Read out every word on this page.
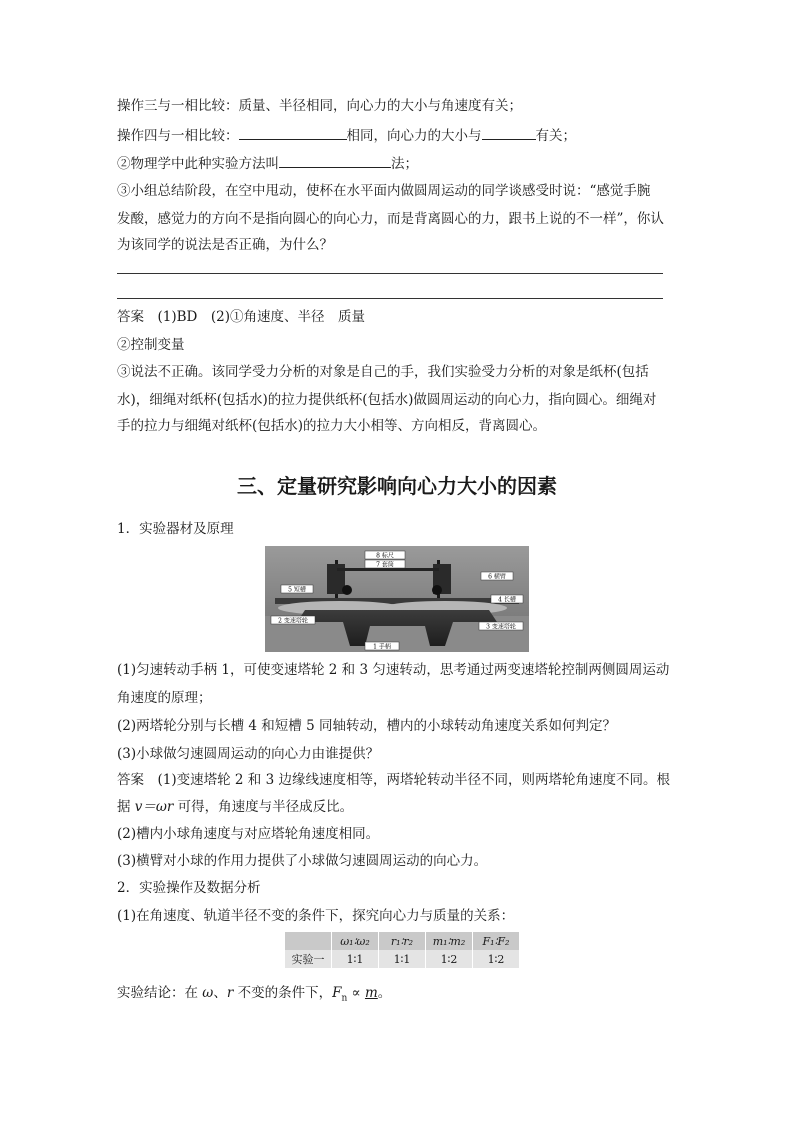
操作三与一相比较：质量、半径相同，向心力的大小与角速度有关；
操作四与一相比较：	相同，向心力的大小与	有关；
②物理学中此种实验方法叫	法；
③小组总结阶段，在空中甩动，使杯在水平面内做圆周运动的同学谈感受时说：“感觉手腕
发酸，感觉力的方向不是指向圆心的向心力，而是背离圆心的力，跟书上说的不一样”，你认
为该同学的说法是否正确，为什么？
答案　(1)BD　(2)①角速度、半径　质量
②控制变量
③说法不正确。该同学受力分析的对象是自己的手，我们实验受力分析的对象是纸杯(包括
水)，细绳对纸杯(包括水)的拉力提供纸杯(包括水)做圆周运动的向心力，指向圆心。细绳对
手的拉力与细绳对纸杯(包括水)的拉力大小相等、方向相反，背离圆心。
三、定量研究影响向心力大小的因素
1．实验器材及原理
8 标尺
7 套筒
5 短槽
6 横臂
4 长槽
2 变速塔轮
3 变速塔轮
1 手柄
(1)匀速转动手柄 1，可使变速塔轮 2 和 3 匀速转动，思考通过两变速塔轮控制两侧圆周运动
角速度的原理；
(2)两塔轮分别与长槽 4 和短槽 5 同轴转动，槽内的小球转动角速度关系如何判定？
(3)小球做匀速圆周运动的向心力由谁提供？
答案　(1)变速塔轮 2 和 3 边缘线速度相等，两塔轮转动半径不同，则两塔轮角速度不同。根
据 v＝ωr 可得，角速度与半径成反比。
(2)槽内小球角速度与对应塔轮角速度相同。
(3)横臂对小球的作用力提供了小球做匀速圆周运动的向心力。
2．实验操作及数据分析
(1)在角速度、轨道半径不变的条件下，探究向心力与质量的关系：
	ω₁∶ω₂	r₁∶r₂	m₁∶m₂	F₁∶F₂
实验一	1∶1	1∶1	1∶2	1∶2
实验结论：在 ω、r 不变的条件下，$F_n \propto m$。
